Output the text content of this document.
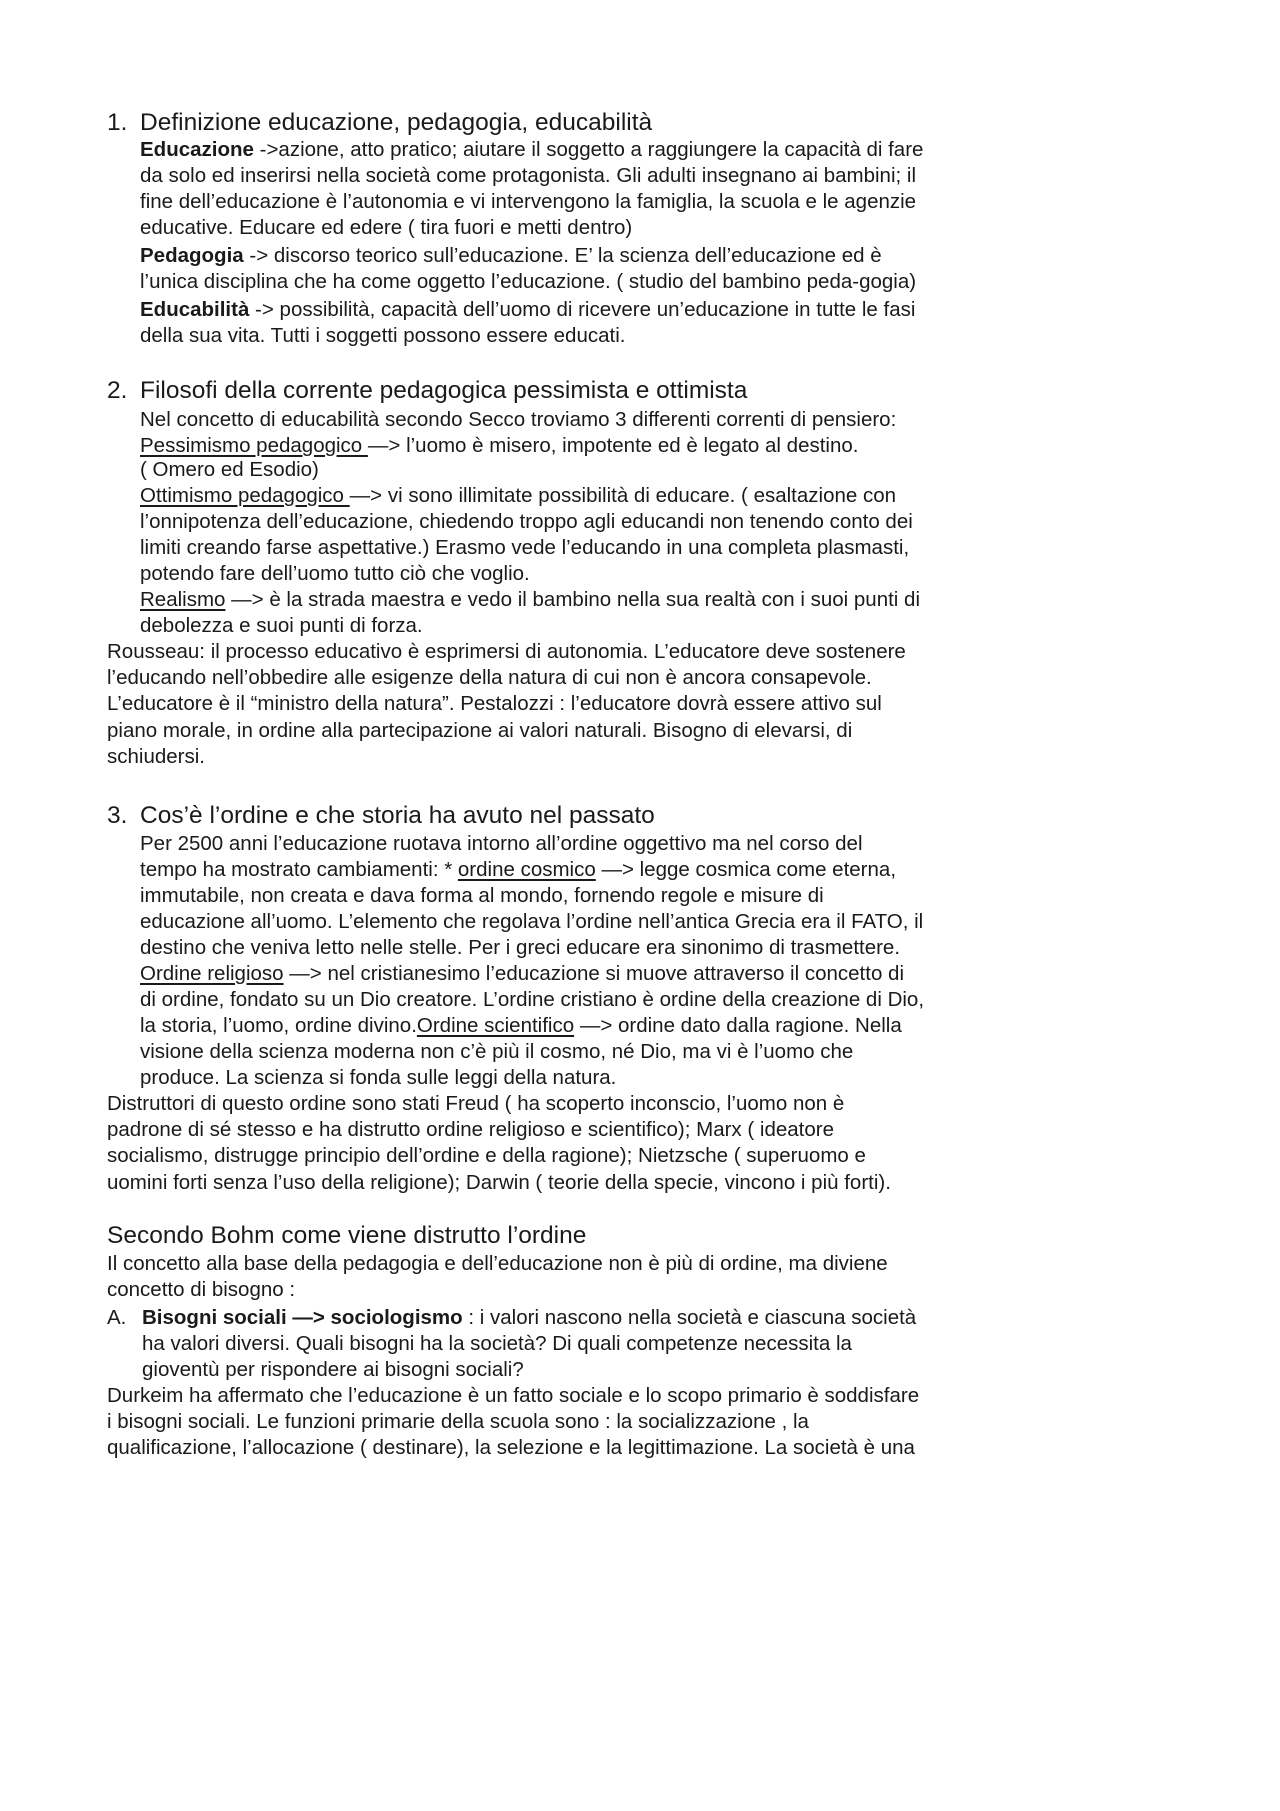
1. Definizione educazione, pedagogia, educabilità
Educazione ->azione, atto pratico; aiutare il soggetto a raggiungere la capacità di fare
da solo ed inserirsi nella società come protagonista. Gli adulti insegnano ai bambini; il
fine dell’educazione è l’autonomia e vi intervengono la famiglia, la scuola e le agenzie
educative. Educare ed edere ( tira fuori e metti dentro)
Pedagogia -> discorso teorico sull’educazione. E’ la scienza dell’educazione ed è
l’unica disciplina che ha come oggetto l’educazione. ( studio del bambino peda-gogia)
Educabilità -> possibilità, capacità dell’uomo di ricevere un’educazione in tutte le fasi
della sua vita. Tutti i soggetti possono essere educati.
2. Filosofi della corrente pedagogica pessimista e ottimista
Nel concetto di educabilità secondo Secco troviamo 3 differenti correnti di pensiero:
Pessimismo pedagogico —> l’uomo è misero, impotente ed è legato al destino.
( Omero ed Esodio)
Ottimismo pedagogico —> vi sono illimitate possibilità di educare. ( esaltazione con
l’onnipotenza dell’educazione, chiedendo troppo agli educandi non tenendo conto dei
limiti creando farse aspettative.) Erasmo vede l’educando in una completa plasmasti,
potendo fare dell’uomo tutto ciò che voglio.
Realismo —> è la strada maestra e vedo il bambino nella sua realtà con i suoi punti di
debolezza e suoi punti di forza.
Rousseau: il processo educativo è esprimersi di autonomia. L’educatore deve sostenere
l’educando nell’obbedire alle esigenze della natura di cui non è ancora consapevole.
L’educatore è il “ministro della natura”. Pestalozzi : l’educatore dovrà essere attivo sul
piano morale, in ordine alla partecipazione ai valori naturali. Bisogno di elevarsi, di
schiudersi.
3. Cos’è l’ordine e che storia ha avuto nel passato
Per 2500 anni l’educazione ruotava intorno all’ordine oggettivo ma nel corso del
tempo ha mostrato cambiamenti: * ordine cosmico —> legge cosmica come eterna,
immutabile, non creata e dava forma al mondo, fornendo regole e misure di
educazione all’uomo. L’elemento che regolava l’ordine nell’antica Grecia era il FATO, il
destino che veniva letto nelle stelle. Per i greci educare era sinonimo di trasmettere.
Ordine religioso —> nel cristianesimo l’educazione si muove attraverso il concetto di
di ordine, fondato su un Dio creatore. L’ordine cristiano è ordine della creazione di Dio,
la storia, l’uomo, ordine divino.Ordine scientifico —> ordine dato dalla ragione. Nella
visione della scienza moderna non c’è più il cosmo, né Dio, ma vi è l’uomo che
produce. La scienza si fonda sulle leggi della natura.
Distruttori di questo ordine sono stati Freud ( ha scoperto inconscio, l’uomo non è
padrone di sé stesso e ha distrutto ordine religioso e scientifico); Marx ( ideatore
socialismo, distrugge principio dell’ordine e della ragione); Nietzsche ( superuomo e
uomini forti senza l’uso della religione); Darwin ( teorie della specie, vincono i più forti).
Secondo Bohm come viene distrutto l’ordine
Il concetto alla base della pedagogia e dell’educazione non è più di ordine, ma diviene
concetto di bisogno :
A. Bisogni sociali —> sociologismo : i valori nascono nella società e ciascuna società
ha valori diversi. Quali bisogni ha la società? Di quali competenze necessita la
gioventù per rispondere ai bisogni sociali?
Durkeim ha affermato che l’educazione è un fatto sociale e lo scopo primario è soddisfare
i bisogni sociali. Le funzioni primarie della scuola sono : la socializzazione , la
qualificazione, l’allocazione ( destinare), la selezione e la legittimazione. La società è una
